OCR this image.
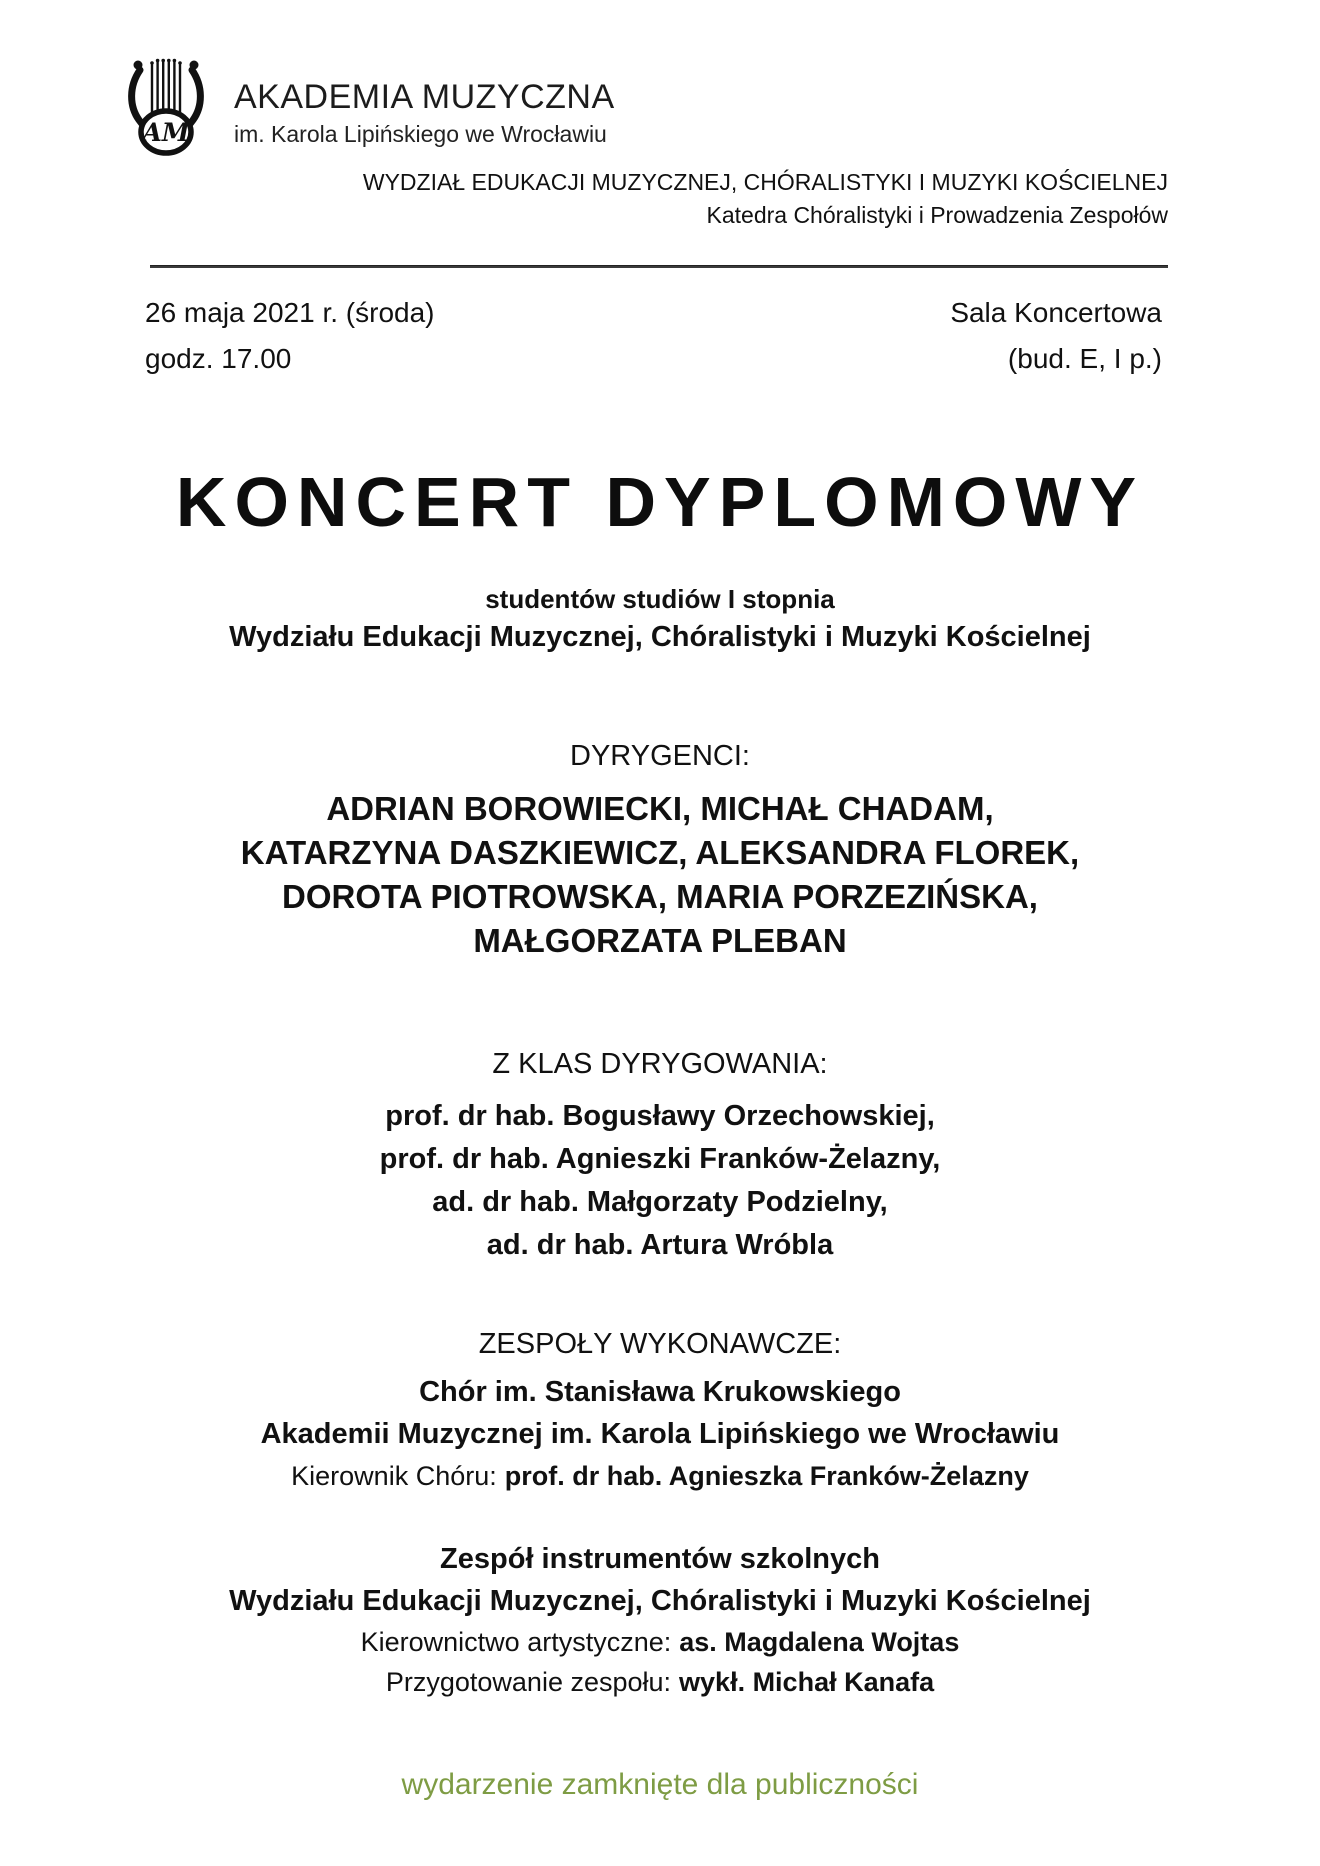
AM
AKADEMIA MUZYCZNA
im. Karola Lipińskiego we Wrocławiu
WYDZIAŁ EDUKACJI MUZYCZNEJ, CHÓRALISTYKI I MUZYKI KOŚCIELNEJ
Katedra Chóralistyki i Prowadzenia Zespołów
26 maja 2021 r. (środa)	Sala Koncertowa
godz. 17.00	(bud. E, I p.)
KONCERT DYPLOMOWY
studentów studiów I stopnia
Wydziału Edukacji Muzycznej, Chóralistyki i Muzyki Kościelnej
DYRYGENCI:
ADRIAN BOROWIECKI, MICHAŁ CHADAM,
KATARZYNA DASZKIEWICZ, ALEKSANDRA FLOREK,
DOROTA PIOTROWSKA, MARIA PORZEZIŃSKA,
MAŁGORZATA PLEBAN
Z KLAS DYRYGOWANIA:
prof. dr hab. Bogusławy Orzechowskiej,
prof. dr hab. Agnieszki Franków-Żelazny,
ad. dr hab. Małgorzaty Podzielny,
ad. dr hab. Artura Wróbla
ZESPOŁY WYKONAWCZE:
Chór im. Stanisława Krukowskiego
Akademii Muzycznej im. Karola Lipińskiego we Wrocławiu
Kierownik Chóru: prof. dr hab. Agnieszka Franków-Żelazny
Zespół instrumentów szkolnych
Wydziału Edukacji Muzycznej, Chóralistyki i Muzyki Kościelnej
Kierownictwo artystyczne: as. Magdalena Wojtas
Przygotowanie zespołu: wykł. Michał Kanafa
wydarzenie zamknięte dla publiczności
